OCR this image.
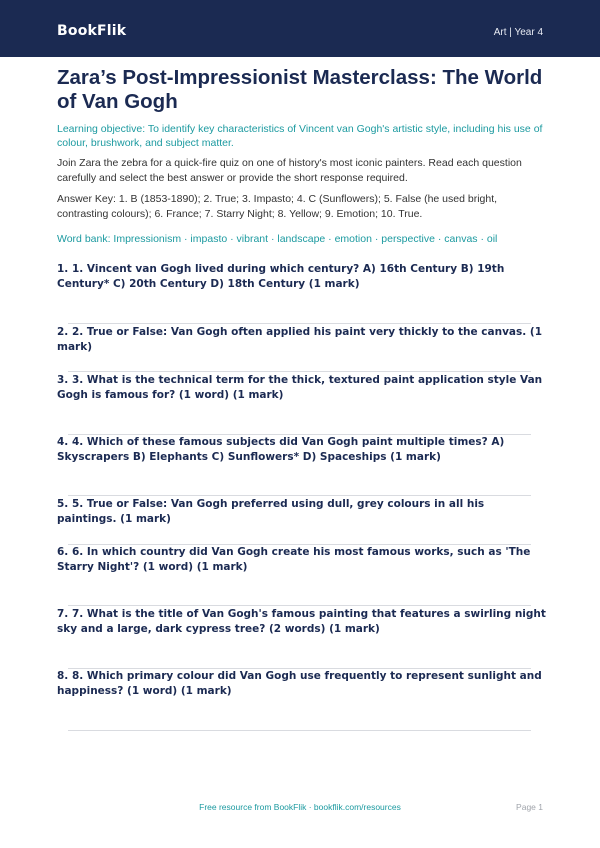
BookFlik	Art | Year 4
Zara’s Post-Impressionist Masterclass: The World of Van Gogh

Learning objective: To identify key characteristics of Vincent van Gogh's artistic style, including his use of colour, brushwork, and subject matter.

Join Zara the zebra for a quick-fire quiz on one of history's most iconic painters. Read each question carefully and select the best answer or provide the short response required.

Answer Key: 1. B (1853-1890); 2. True; 3. Impasto; 4. C (Sunflowers); 5. False (he used bright, contrasting colours); 6. France; 7. Starry Night; 8. Yellow; 9. Emotion; 10. True.

Word bank: Impressionism · impasto · vibrant · landscape · emotion · perspective · canvas · oil

1. 1. Vincent van Gogh lived during which century? A) 16th Century B) 19th Century* C) 20th Century D) 18th Century (1 mark)
2. 2. True or False: Van Gogh often applied his paint very thickly to the canvas. (1 mark)
3. 3. What is the technical term for the thick, textured paint application style Van Gogh is famous for? (1 word) (1 mark)
4. 4. Which of these famous subjects did Van Gogh paint multiple times? A) Skyscrapers B) Elephants C) Sunflowers* D) Spaceships (1 mark)
5. 5. True or False: Van Gogh preferred using dull, grey colours in all his paintings. (1 mark)
6. 6. In which country did Van Gogh create his most famous works, such as 'The Starry Night'? (1 word) (1 mark)
7. 7. What is the title of Van Gogh's famous painting that features a swirling night sky and a large, dark cypress tree? (2 words) (1 mark)
8. 8. Which primary colour did Van Gogh use frequently to represent sunlight and happiness? (1 word) (1 mark)
Free resource from BookFlik · bookflik.com/resources	Page 1
